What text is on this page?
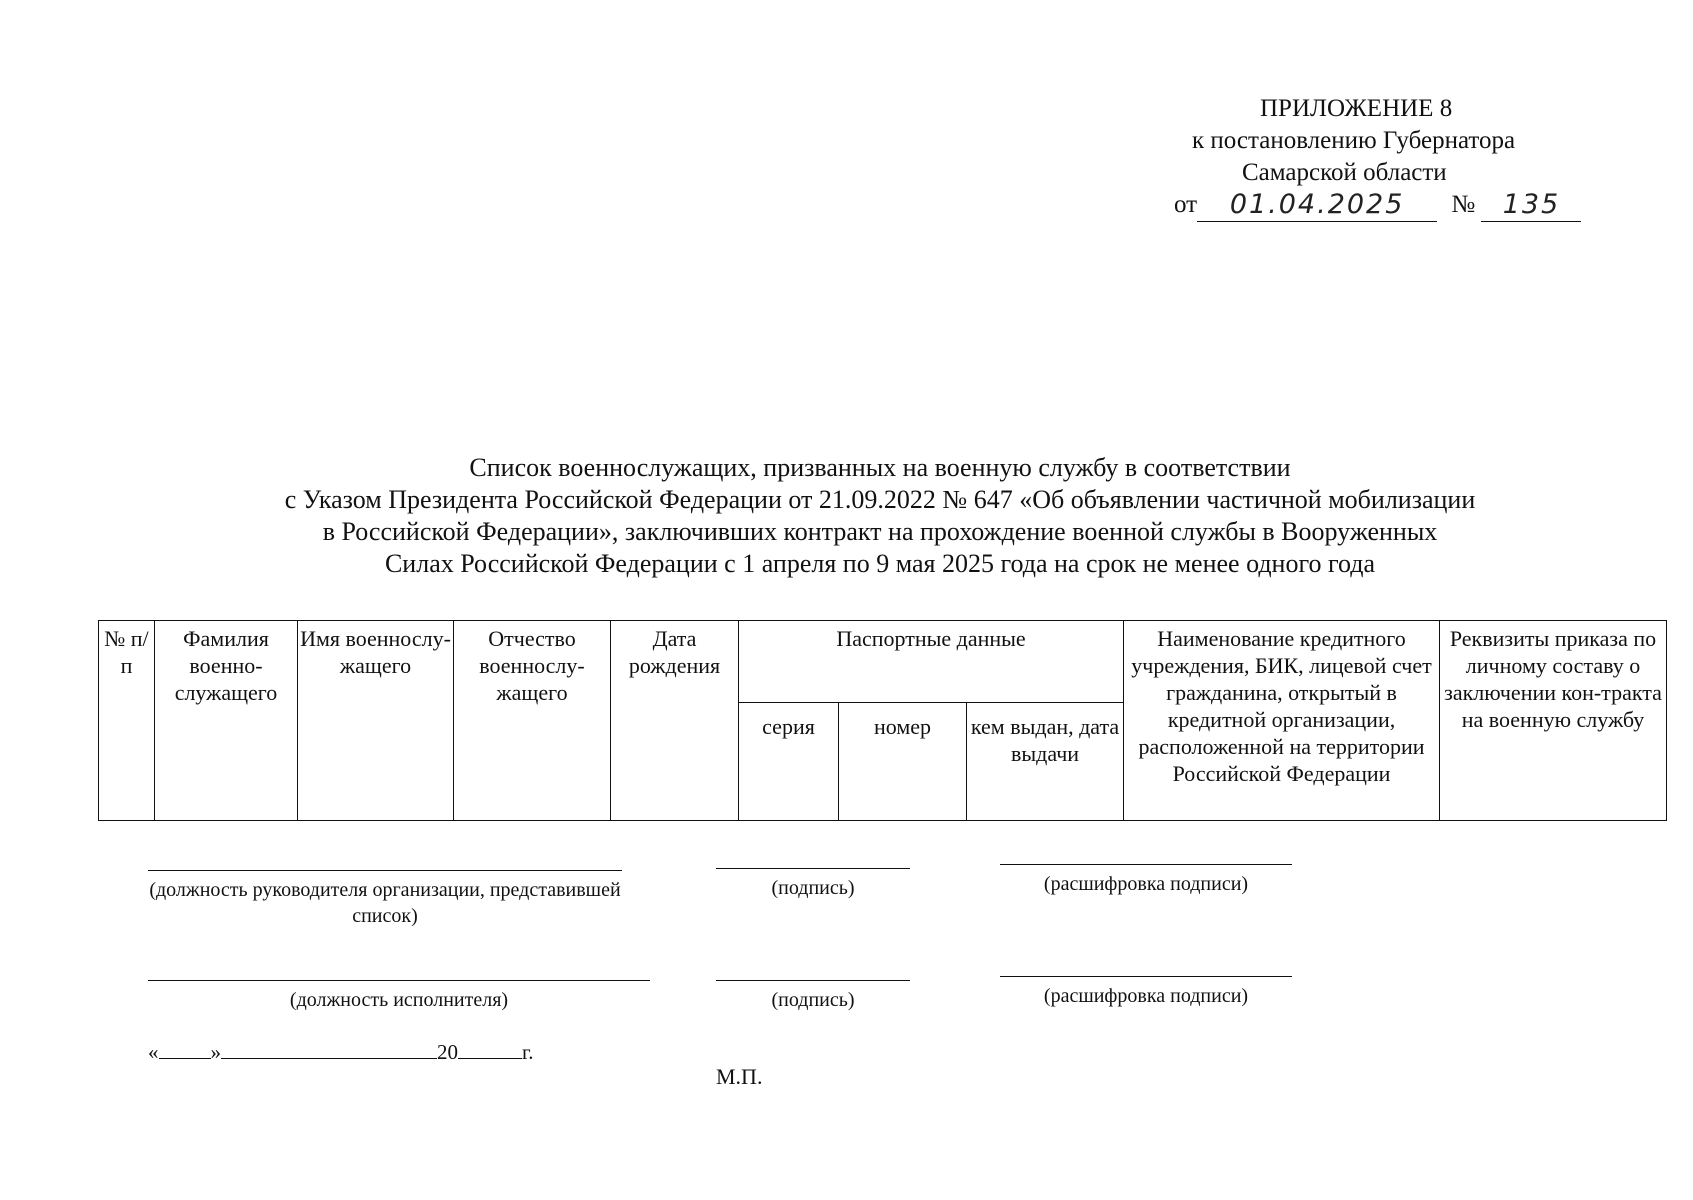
ПРИЛОЖЕНИЕ 8
к постановлению Губернатора
Самарской области
от 01.04.2025 № 135
Список военнослужащих, призванных на военную службу в соответствии
с Указом Президента Российской Федерации от 21.09.2022 № 647 «Об объявлении частичной мобилизации
в Российской Федерации», заключивших контракт на прохождение военной службы в Вооруженных
Силах Российской Федерации с 1 апреля по 9 мая 2025 года на срок не менее одного года
№ п/п	Фамилия военно-служащего	Имя военнослу-жащего	Отчество военнослу-жащего	Дата рождения	Паспортные данные			Наименование кредитного учреждения, БИК, лицевой счет гражданина, открытый в кредитной организации, расположенной на территории Российской Федерации	Реквизиты приказа по личному составу о заключении кон-тракта на военную службу
					серия	номер	кем выдан, дата выдачи		
(должность руководителя организации, представившей список)
(подпись)	(расшифровка подписи)
(должность исполнителя)	(подпись)	(расшифровка подписи)
« »	20	г.
М.П.
